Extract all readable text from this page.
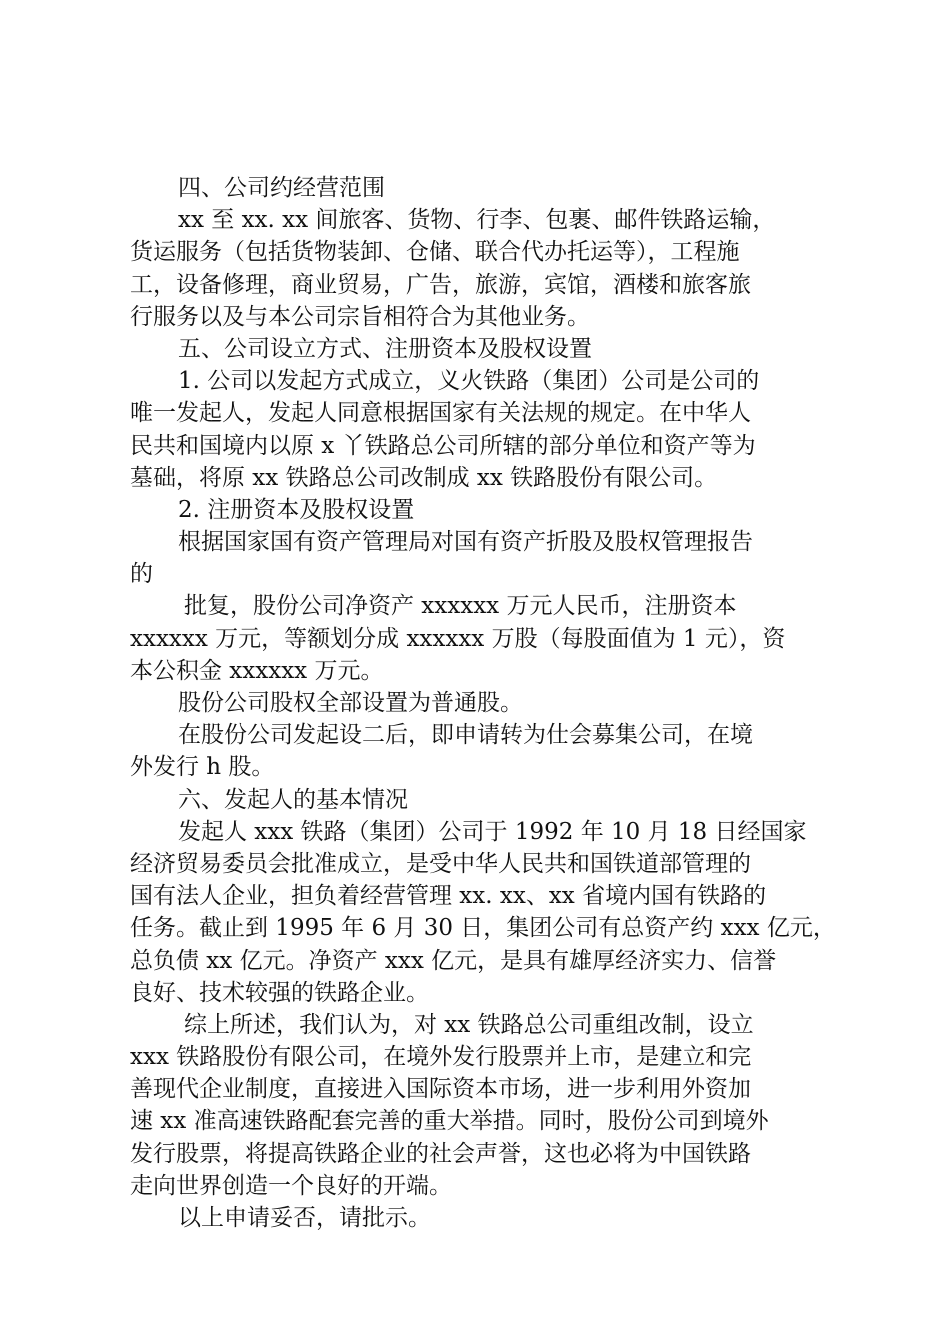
四、公司约经营范围
xx 至 xx. xx 间旅客、货物、行李、包裹、邮件铁路运输，
货运服务（包括货物装卸、仓储、联合代办托运等），工程施
工，设备修理，商业贸易，广告，旅游，宾馆，酒楼和旅客旅
行服务以及与本公司宗旨相符合为其他业务。
五、公司设立方式、注册资本及股权设置
1. 公司以发起方式成立，义火铁路（集团）公司是公司的
唯一发起人，发起人同意根据国家有关法规的规定。在中华人
民共和国境内以原 x 丫铁路总公司所辖的部分单位和资产等为
墓础，将原 xx 铁路总公司改制成 xx 铁路股份有限公司。
2. 注册资本及股权设置
根据国家国有资产管理局对国有资产折股及股权管理报告
的
批复，股份公司净资产 xxxxxx 万元人民币，注册资本
xxxxxx 万元，等额划分成 xxxxxx 万股（每股面值为 1 元），资
本公积金 xxxxxx 万元。
股份公司股权全部设置为普通股。
在股份公司发起设二后，即申请转为仕会募集公司，在境
外发行 h 股。
六、发起人的基本情况
发起人 xxx 铁路（集团）公司于 1992 年 10 月 18 日经国家
经济贸易委员会批准成立，是受中华人民共和国铁道部管理的
国有法人企业，担负着经营管理 xx. xx、xx 省境内国有铁路的
任务。截止到 1995 年 6 月 30 日，集团公司有总资产约 xxx 亿元，
总负债 xx 亿元。净资产 xxx 亿元，是具有雄厚经济实力、信誉
良好、技术较强的铁路企业。
综上所述，我们认为，对 xx 铁路总公司重组改制，设立
xxx 铁路股份有限公司，在境外发行股票并上市，是建立和完
善现代企业制度，直接进入国际资本市场，进一步利用外资加
速 xx 准高速铁路配套完善的重大举措。同时，股份公司到境外
发行股票，将提高铁路企业的社会声誉，这也必将为中国铁路
走向世界创造一个良好的开端。
以上申请妥否，请批示。
